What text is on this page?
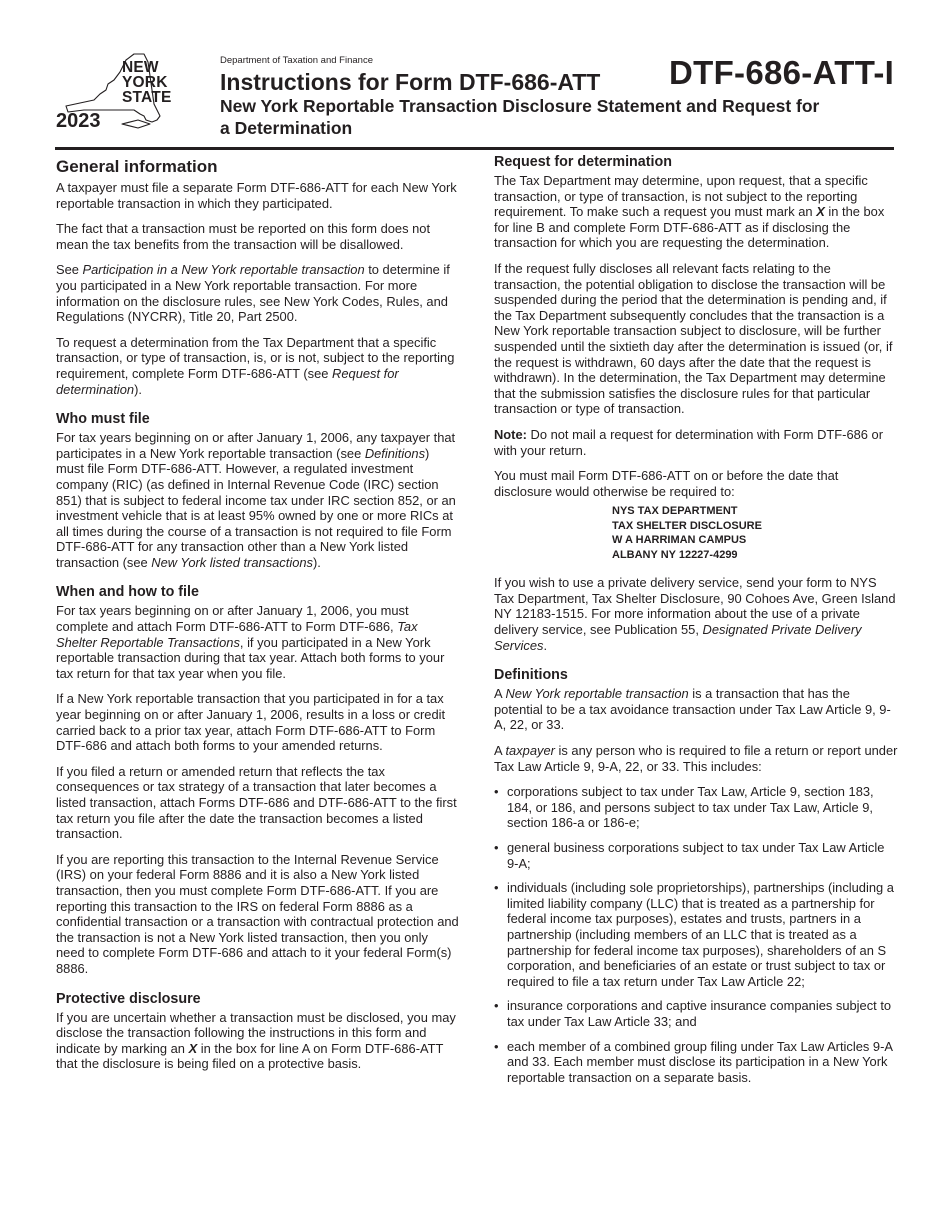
NEW
YORK
STATE
2023
Department of Taxation and Finance
Instructions for Form DTF-686-ATT
New York Reportable Transaction Disclosure Statement and Request for a Determination
DTF-686-ATT-I
General information

A taxpayer must file a separate Form DTF-686-ATT for each New York reportable transaction in which they participated.

The fact that a transaction must be reported on this form does not mean the tax benefits from the transaction will be disallowed.

See Participation in a New York reportable transaction to determine if you participated in a New York reportable transaction. For more information on the disclosure rules, see New York Codes, Rules, and Regulations (NYCRR), Title 20, Part 2500.

To request a determination from the Tax Department that a specific transaction, or type of transaction, is, or is not, subject to the reporting requirement, complete Form DTF-686-ATT (see Request for determination).

Who must file

For tax years beginning on or after January 1, 2006, any taxpayer that participates in a New York reportable transaction (see Definitions) must file Form DTF-686-ATT. However, a regulated investment company (RIC) (as defined in Internal Revenue Code (IRC) section 851) that is subject to federal income tax under IRC section 852, or an investment vehicle that is at least 95% owned by one or more RICs at all times during the course of a transaction is not required to file Form DTF-686-ATT for any transaction other than a New York listed transaction (see New York listed transactions).

When and how to file

For tax years beginning on or after January 1, 2006, you must complete and attach Form DTF-686-ATT to Form DTF-686, Tax Shelter Reportable Transactions, if you participated in a New York reportable transaction during that tax year. Attach both forms to your tax return for that tax year when you file.

If a New York reportable transaction that you participated in for a tax year beginning on or after January 1, 2006, results in a loss or credit carried back to a prior tax year, attach Form DTF-686-ATT to Form DTF-686 and attach both forms to your amended returns.

If you filed a return or amended return that reflects the tax consequences or tax strategy of a transaction that later becomes a listed transaction, attach Forms DTF-686 and DTF-686-ATT to the first tax return you file after the date the transaction becomes a listed transaction.

If you are reporting this transaction to the Internal Revenue Service (IRS) on your federal Form 8886 and it is also a New York listed transaction, then you must complete Form DTF-686-ATT. If you are reporting this transaction to the IRS on federal Form 8886 as a confidential transaction or a transaction with contractual protection and the transaction is not a New York listed transaction, then you only need to complete Form DTF-686 and attach to it your federal Form(s) 8886.

Protective disclosure

If you are uncertain whether a transaction must be disclosed, you may disclose the transaction following the instructions in this form and indicate by marking an X in the box for line A on Form DTF-686-ATT that the disclosure is being filed on a protective basis.

Request for determination

The Tax Department may determine, upon request, that a specific transaction, or type of transaction, is not subject to the reporting requirement. To make such a request you must mark an X in the box for line B and complete Form DTF-686-ATT as if disclosing the transaction for which you are requesting the determination.

If the request fully discloses all relevant facts relating to the transaction, the potential obligation to disclose the transaction will be suspended during the period that the determination is pending and, if the Tax Department subsequently concludes that the transaction is a New York reportable transaction subject to disclosure, will be further suspended until the sixtieth day after the determination is issued (or, if the request is withdrawn, 60 days after the date that the request is withdrawn). In the determination, the Tax Department may determine that the submission satisfies the disclosure rules for that particular transaction or type of transaction.

Note: Do not mail a request for determination with Form DTF-686 or with your return.

You must mail Form DTF-686-ATT on or before the date that disclosure would otherwise be required to:

NYS TAX DEPARTMENT
TAX SHELTER DISCLOSURE
W A HARRIMAN CAMPUS
ALBANY NY 12227-4299

If you wish to use a private delivery service, send your form to NYS Tax Department, Tax Shelter Disclosure, 90 Cohoes Ave, Green Island NY 12183-1515. For more information about the use of a private delivery service, see Publication 55, Designated Private Delivery Services.

Definitions

A New York reportable transaction is a transaction that has the potential to be a tax avoidance transaction under Tax Law Article 9, 9-A, 22, or 33.

A taxpayer is any person who is required to file a return or report under Tax Law Article 9, 9-A, 22, or 33. This includes:

• corporations subject to tax under Tax Law, Article 9, section 183, 184, or 186, and persons subject to tax under Tax Law, Article 9, section 186-a or 186-e;
• general business corporations subject to tax under Tax Law Article 9-A;
• individuals (including sole proprietorships), partnerships (including a limited liability company (LLC) that is treated as a partnership for federal income tax purposes), estates and trusts, partners in a partnership (including members of an LLC that is treated as a partnership for federal income tax purposes), shareholders of an S corporation, and beneficiaries of an estate or trust subject to tax or required to file a tax return under Tax Law Article 22;
• insurance corporations and captive insurance companies subject to tax under Tax Law Article 33; and
• each member of a combined group filing under Tax Law Articles 9-A and 33. Each member must disclose its participation in a New York reportable transaction on a separate basis.
